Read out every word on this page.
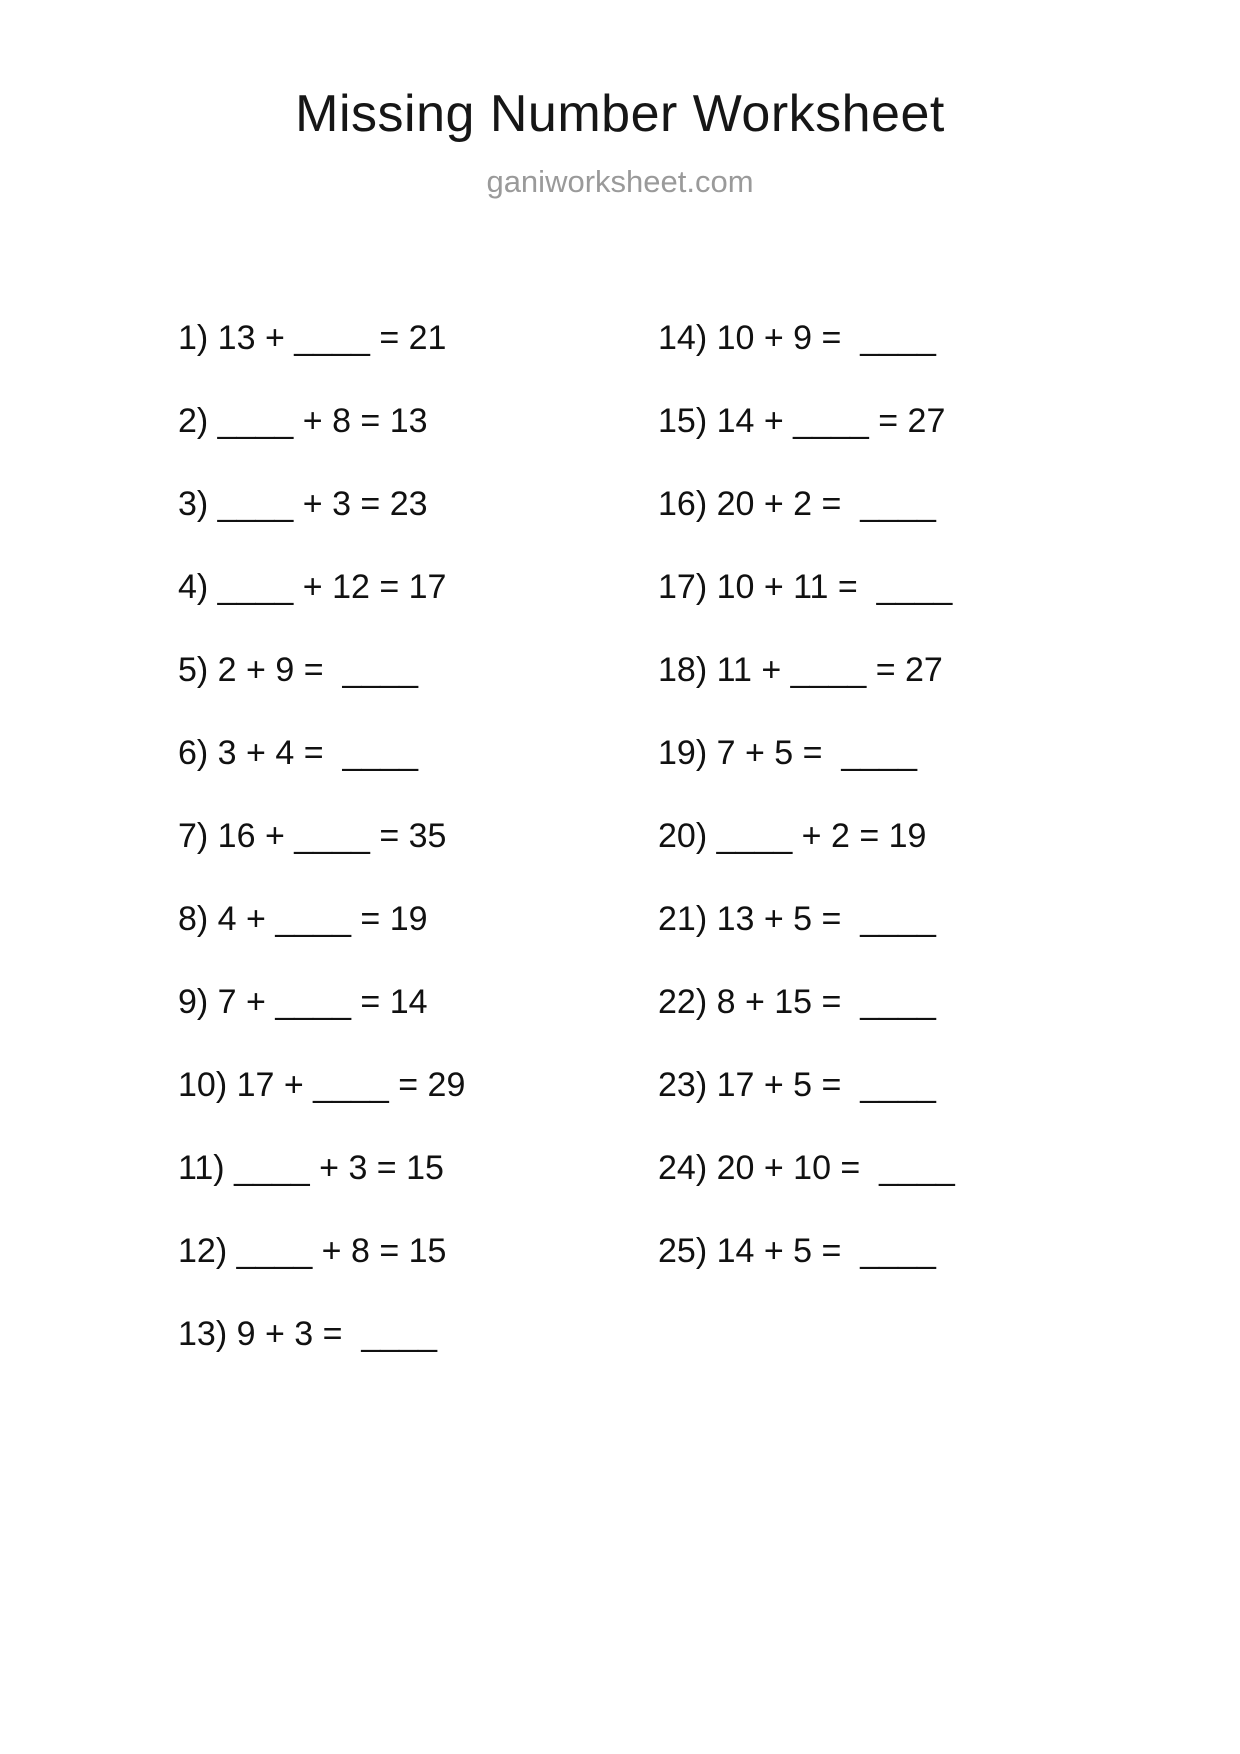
Missing Number Worksheet
ganiworksheet.com
1) 13 + ____ = 21
2) ____ + 8 = 13
3) ____ + 3 = 23
4) ____ + 12 = 17
5) 2 + 9 =  ____
6) 3 + 4 =  ____
7) 16 + ____ = 35
8) 4 + ____ = 19
9) 7 + ____ = 14
10) 17 + ____ = 29
11) ____ + 3 = 15
12) ____ + 8 = 15
13) 9 + 3 =  ____
14) 10 + 9 =  ____
15) 14 + ____ = 27
16) 20 + 2 =  ____
17) 10 + 11 =  ____
18) 11 + ____ = 27
19) 7 + 5 =  ____
20) ____ + 2 = 19
21) 13 + 5 =  ____
22) 8 + 15 =  ____
23) 17 + 5 =  ____
24) 20 + 10 =  ____
25) 14 + 5 =  ____
